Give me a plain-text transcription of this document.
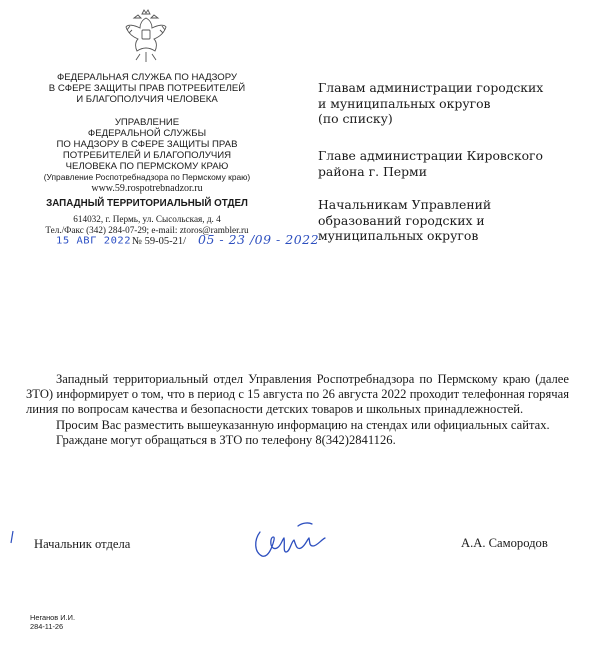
ФЕДЕРАЛЬНАЯ СЛУЖБА ПО НАДЗОРУ
В СФЕРЕ ЗАЩИТЫ ПРАВ ПОТРЕБИТЕЛЕЙ
И БЛАГОПОЛУЧИЯ ЧЕЛОВЕКА
УПРАВЛЕНИЕ
ФЕДЕРАЛЬНОЙ СЛУЖБЫ
ПО НАДЗОРУ В СФЕРЕ ЗАЩИТЫ ПРАВ
ПОТРЕБИТЕЛЕЙ И БЛАГОПОЛУЧИЯ
ЧЕЛОВЕКА ПО ПЕРМСКОМУ КРАЮ
(Управление Роспотребнадзора по Пермскому краю)
www.59.rospotrebnadzor.ru
ЗАПАДНЫЙ ТЕРРИТОРИАЛЬНЫЙ ОТДЕЛ
614032, г. Пермь, ул. Сысольская, д. 4
Тел./Факс (342) 284-07-29; e-mail: ztoros@rambler.ru
15 АВГ 2022 № 59-05-21/ 05 - 23 /09 - 2022
Главам администрации городских
и муниципальных округов
(по списку)
Главе администрации Кировского
района г. Перми
Начальникам Управлений
образований городских и
муниципальных округов

Западный территориальный отдел Управления Роспотребнадзора по Пермскому краю (далее ЗТО) информирует о том, что в период с 15 августа по 26 августа 2022 проходит телефонная горячая линия по вопросам качества и безопасности детских товаров и школьных принадлежностей.

Просим Вас разместить вышеуказанную информацию на стендах или официальных сайтах.

Граждане могут обращаться в ЗТО по телефону 8(342)2841126.

Начальник отдела	А.А. Самородов
Неганов И.И.
284-11-26
